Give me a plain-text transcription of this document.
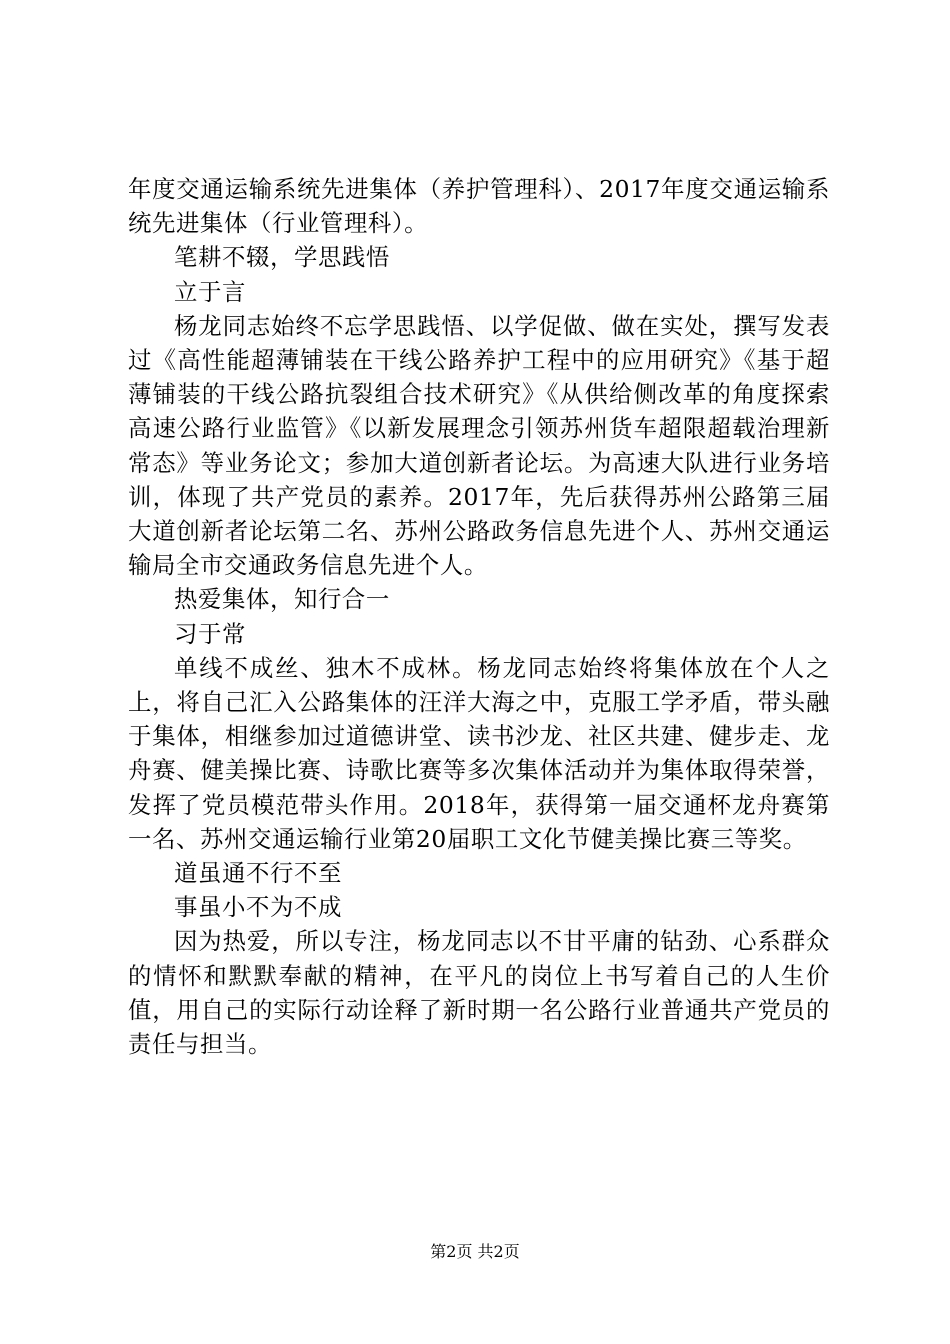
年度交通运输系统先进集体（养护管理科）、2017年度交通运输系统先进集体（行业管理科）。

笔耕不辍，学思践悟

立于言

杨龙同志始终不忘学思践悟、以学促做、做在实处，撰写发表过《高性能超薄铺装在干线公路养护工程中的应用研究》《基于超薄铺装的干线公路抗裂组合技术研究》《从供给侧改革的角度探索高速公路行业监管》《以新发展理念引领苏州货车超限超载治理新常态》等业务论文；参加大道创新者论坛。为高速大队进行业务培训，体现了共产党员的素养。2017年，先后获得苏州公路第三届大道创新者论坛第二名、苏州公路政务信息先进个人、苏州交通运输局全市交通政务信息先进个人。

热爱集体，知行合一

习于常

单线不成丝、独木不成林。杨龙同志始终将集体放在个人之上，将自己汇入公路集体的汪洋大海之中，克服工学矛盾，带头融于集体，相继参加过道德讲堂、读书沙龙、社区共建、健步走、龙舟赛、健美操比赛、诗歌比赛等多次集体活动并为集体取得荣誉，发挥了党员模范带头作用。2018年，获得第一届交通杯龙舟赛第一名、苏州交通运输行业第20届职工文化节健美操比赛三等奖。

道虽通不行不至

事虽小不为不成

因为热爱，所以专注，杨龙同志以不甘平庸的钻劲、心系群众的情怀和默默奉献的精神，在平凡的岗位上书写着自己的人生价值，用自己的实际行动诠释了新时期一名公路行业普通共产党员的责任与担当。

第2页 共2页
